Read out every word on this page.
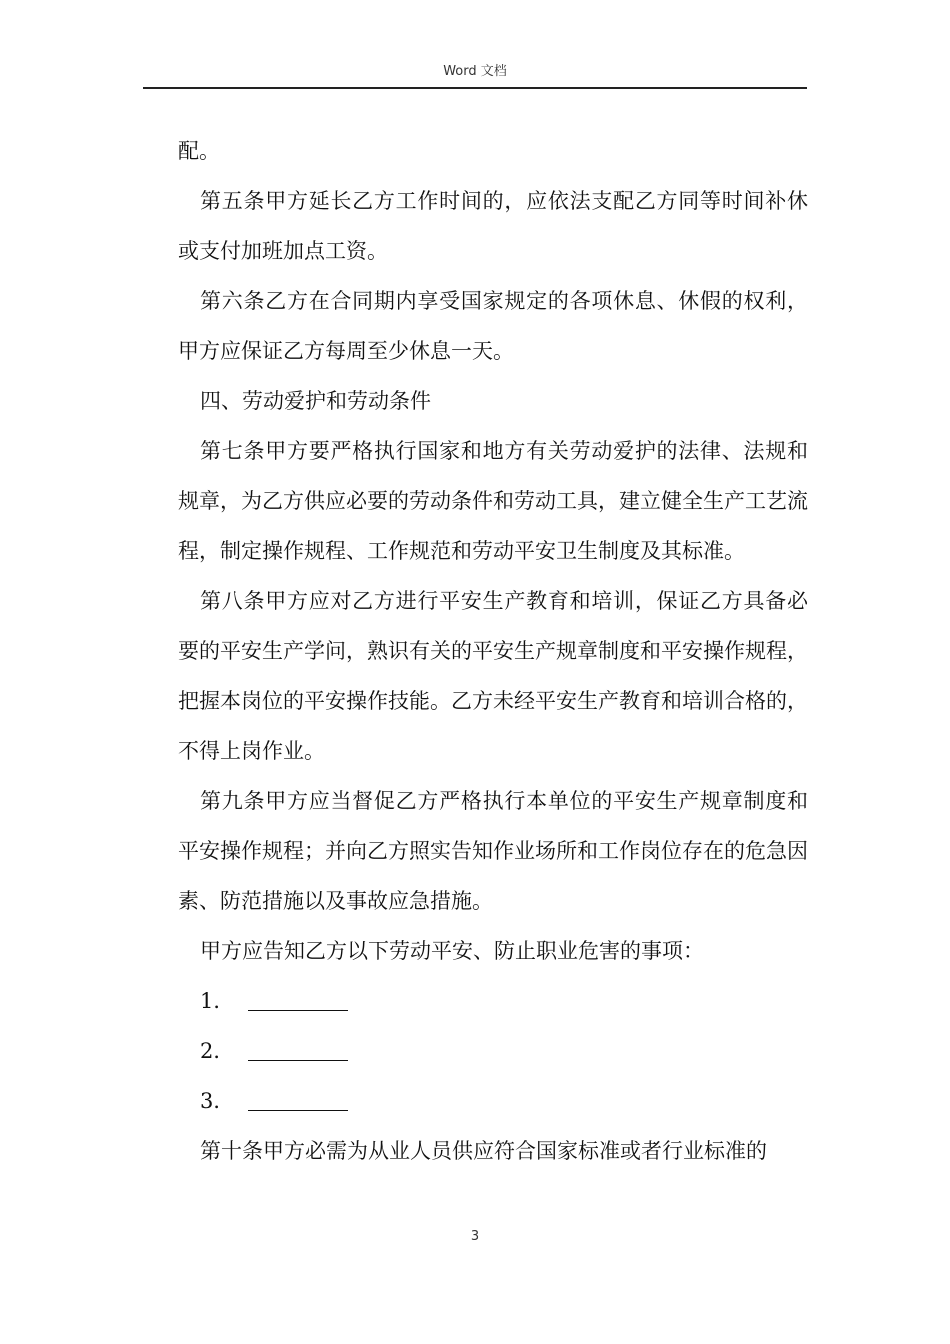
Word 文档

配。

第五条甲方延长乙方工作时间的，应依法支配乙方同等时间补休或支付加班加点工资。

第六条乙方在合同期内享受国家规定的各项休息、休假的权利，甲方应保证乙方每周至少休息一天。

四、劳动爱护和劳动条件

第七条甲方要严格执行国家和地方有关劳动爱护的法律、法规和规章，为乙方供应必要的劳动条件和劳动工具，建立健全生产工艺流程，制定操作规程、工作规范和劳动平安卫生制度及其标准。

第八条甲方应对乙方进行平安生产教育和培训，保证乙方具备必要的平安生产学问，熟识有关的平安生产规章制度和平安操作规程，把握本岗位的平安操作技能。乙方未经平安生产教育和培训合格的，不得上岗作业。

第九条甲方应当督促乙方严格执行本单位的平安生产规章制度和平安操作规程；并向乙方照实告知作业场所和工作岗位存在的危急因素、防范措施以及事故应急措施。

甲方应告知乙方以下劳动平安、防止职业危害的事项：

1．
2．
3．

第十条甲方必需为从业人员供应符合国家标准或者行业标准的

3
